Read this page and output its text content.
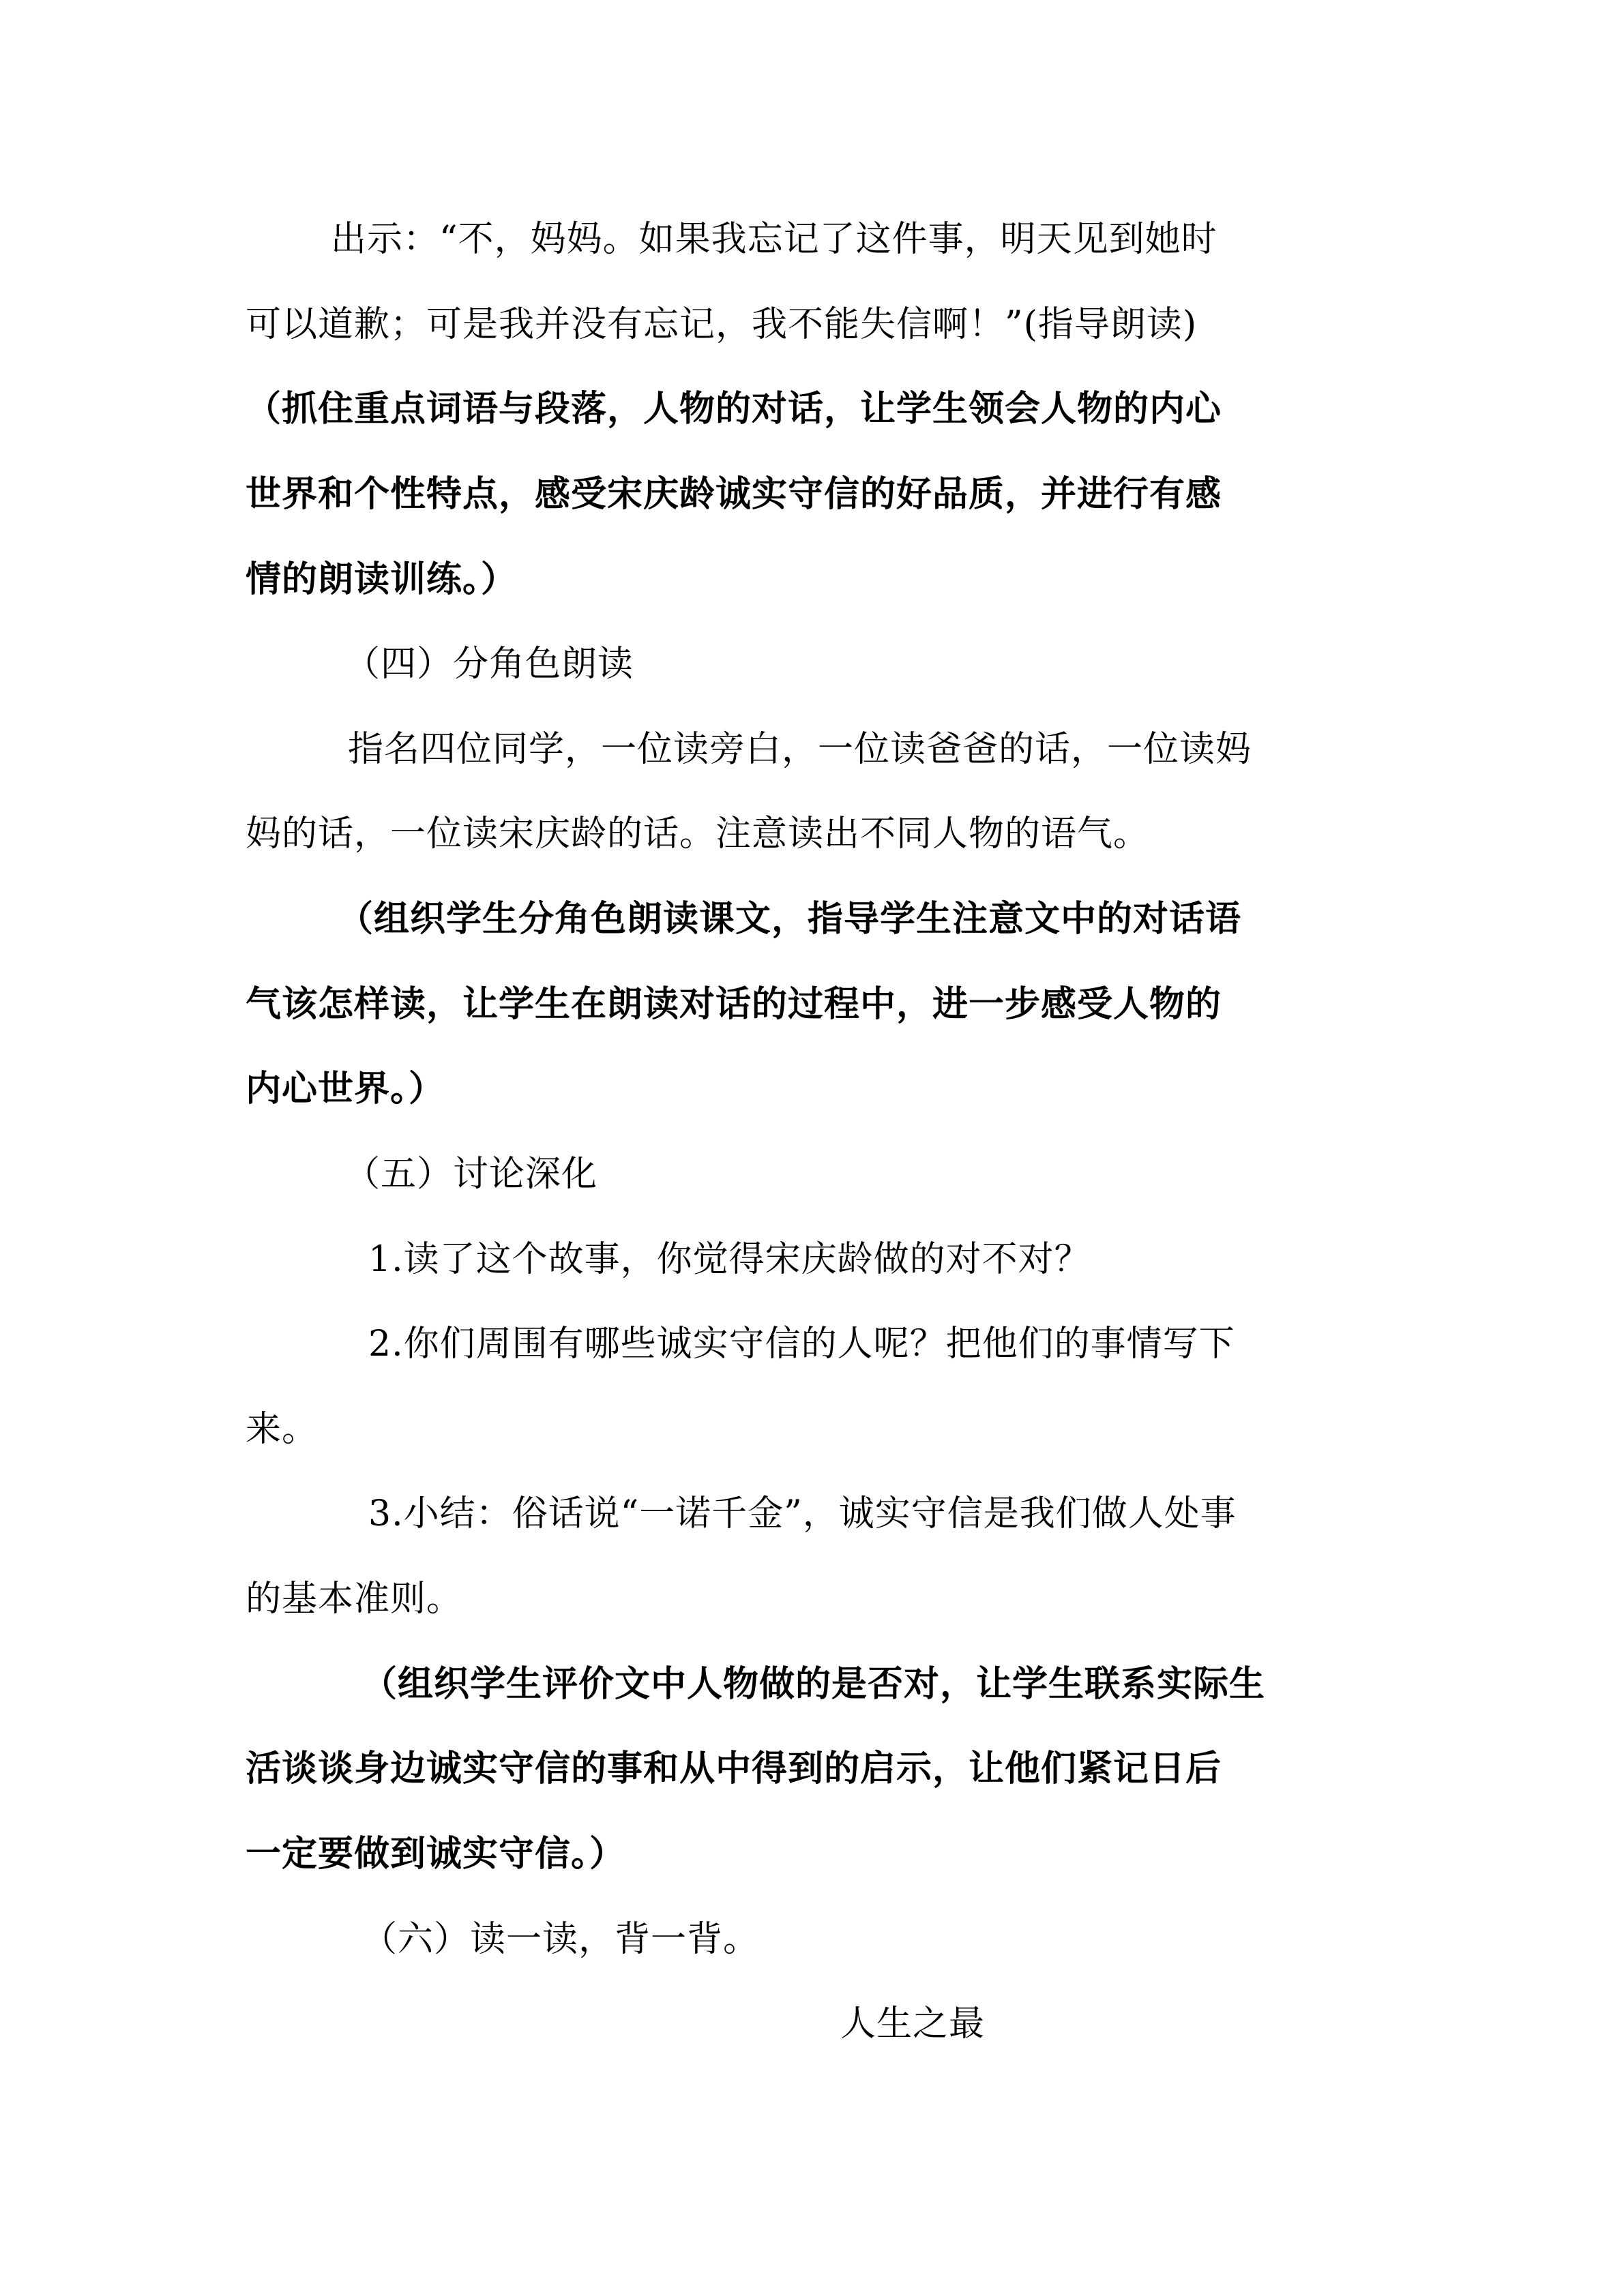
出示：“不，妈妈。如果我忘记了这件事，明天见到她时
可以道歉；可是我并没有忘记，我不能失信啊！”(指导朗读)
（抓住重点词语与段落，人物的对话，让学生领会人物的内心
世界和个性特点，感受宋庆龄诚实守信的好品质，并进行有感
情的朗读训练。）
（四）分角色朗读
指名四位同学，一位读旁白，一位读爸爸的话，一位读妈
妈的话，一位读宋庆龄的话。注意读出不同人物的语气。
（组织学生分角色朗读课文，指导学生注意文中的对话语
气该怎样读，让学生在朗读对话的过程中，进一步感受人物的
内心世界。）
（五）讨论深化
1.读了这个故事，你觉得宋庆龄做的对不对？
2.你们周围有哪些诚实守信的人呢？把他们的事情写下
来。
3.小结：俗话说“一诺千金”，诚实守信是我们做人处事
的基本准则。
（组织学生评价文中人物做的是否对，让学生联系实际生
活谈谈身边诚实守信的事和从中得到的启示，让他们紧记日后
一定要做到诚实守信。）
（六）读一读，背一背。
人生之最
